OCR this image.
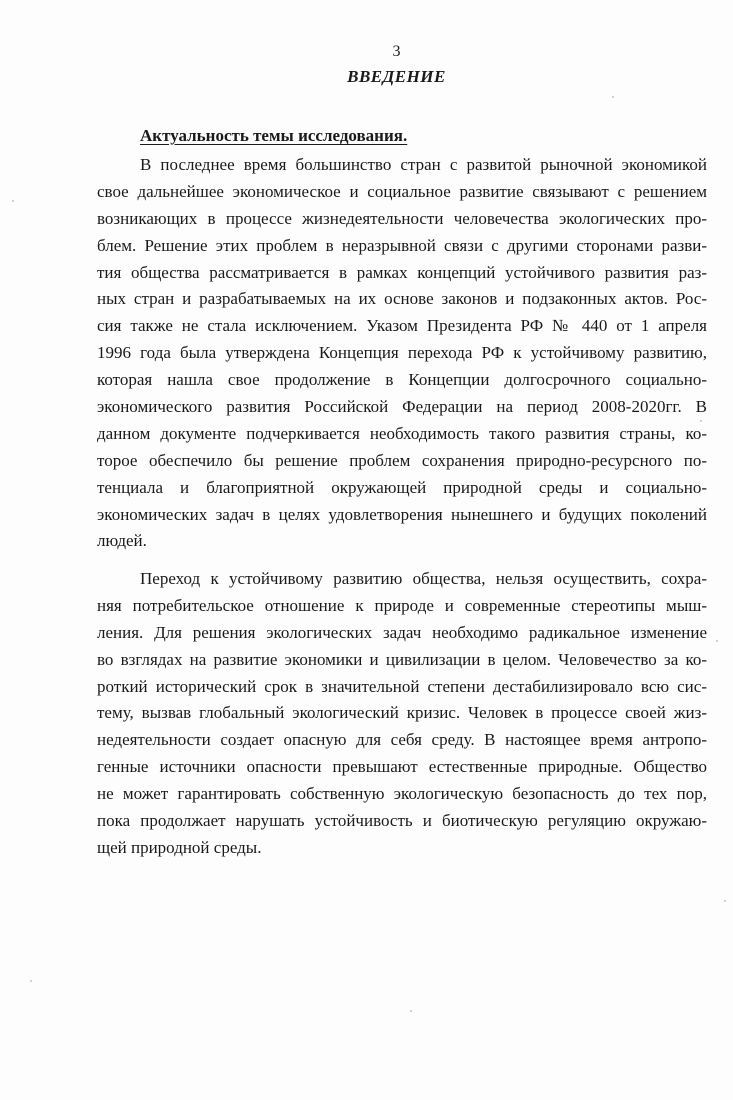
3
ВВЕДЕНИЕ
Актуальность темы исследования.
В последнее время большинство стран с развитой рыночной экономикой
свое дальнейшее экономическое и социальное развитие связывают с решением
возникающих в процессе жизнедеятельности человечества экологических про-
блем. Решение этих проблем в неразрывной связи с другими сторонами разви-
тия общества рассматривается в рамках концепций устойчивого развития раз-
ных стран и разрабатываемых на их основе законов и подзаконных актов. Рос-
сия также не стала исключением. Указом Президента РФ № 440 от 1 апреля
1996 года была утверждена Концепция перехода РФ к устойчивому развитию,
которая нашла свое продолжение в Концепции долгосрочного социально-
экономического развития Российской Федерации на период 2008-2020гг. В
данном документе подчеркивается необходимость такого развития страны, ко-
торое обеспечило бы решение проблем сохранения природно-ресурсного по-
тенциала и благоприятной окружающей природной среды и социально-
экономических задач в целях удовлетворения нынешнего и будущих поколений
людей.
Переход к устойчивому развитию общества, нельзя осуществить, сохра-
няя потребительское отношение к природе и современные стереотипы мыш-
ления. Для решения экологических задач необходимо радикальное изменение
во взглядах на развитие экономики и цивилизации в целом. Человечество за ко-
роткий исторический срок в значительной степени дестабилизировало всю сис-
тему, вызвав глобальный экологический кризис. Человек в процессе своей жиз-
недеятельности создает опасную для себя среду. В настоящее время антропо-
генные источники опасности превышают естественные природные. Общество
не может гарантировать собственную экологическую безопасность до тех пор,
пока продолжает нарушать устойчивость и биотическую регуляцию окружаю-
щей природной среды.
